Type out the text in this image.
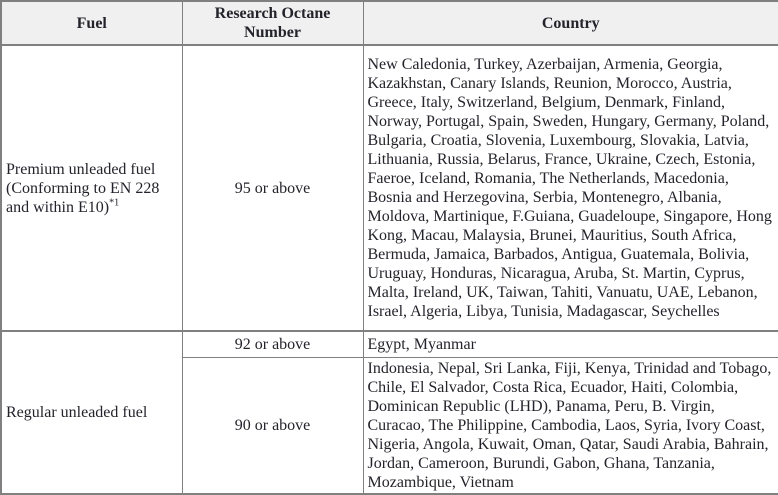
Fuel	Research Octane Number	Country
Premium unleaded fuel (Conforming to EN 228 and within E10)$^{*1}$	95 or above	New Caledonia, Turkey, Azerbaijan, Armenia, Georgia, Kazakhstan, Canary Islands, Reunion, Morocco, Austria, Greece, Italy, Switzerland, Belgium, Denmark, Finland, Norway, Portugal, Spain, Sweden, Hungary, Germany, Poland, Bulgaria, Croatia, Slovenia, Luxembourg, Slovakia, Latvia, Lithuania, Russia, Belarus, France, Ukraine, Czech, Estonia, Faeroe, Iceland, Romania, The Netherlands, Macedonia, Bosnia and Herzegovina, Serbia, Montenegro, Albania, Moldova, Martinique, F.Guiana, Guadeloupe, Singapore, Hong Kong, Macau, Malaysia, Brunei, Mauritius, South Africa, Bermuda, Jamaica, Barbados, Antigua, Guatemala, Bolivia, Uruguay, Honduras, Nicaragua, Aruba, St. Martin, Cyprus, Malta, Ireland, UK, Taiwan, Tahiti, Vanuatu, UAE, Lebanon, Israel, Algeria, Libya, Tunisia, Madagascar, Seychelles
Regular unleaded fuel	92 or above	Egypt, Myanmar
	90 or above	Indonesia, Nepal, Sri Lanka, Fiji, Kenya, Trinidad and Tobago, Chile, El Salvador, Costa Rica, Ecuador, Haiti, Colombia, Dominican Republic (LHD), Panama, Peru, B. Virgin, Curacao, The Philippine, Cambodia, Laos, Syria, Ivory Coast, Nigeria, Angola, Kuwait, Oman, Qatar, Saudi Arabia, Bahrain, Jordan, Cameroon, Burundi, Gabon, Ghana, Tanzania, Mozambique, Vietnam
